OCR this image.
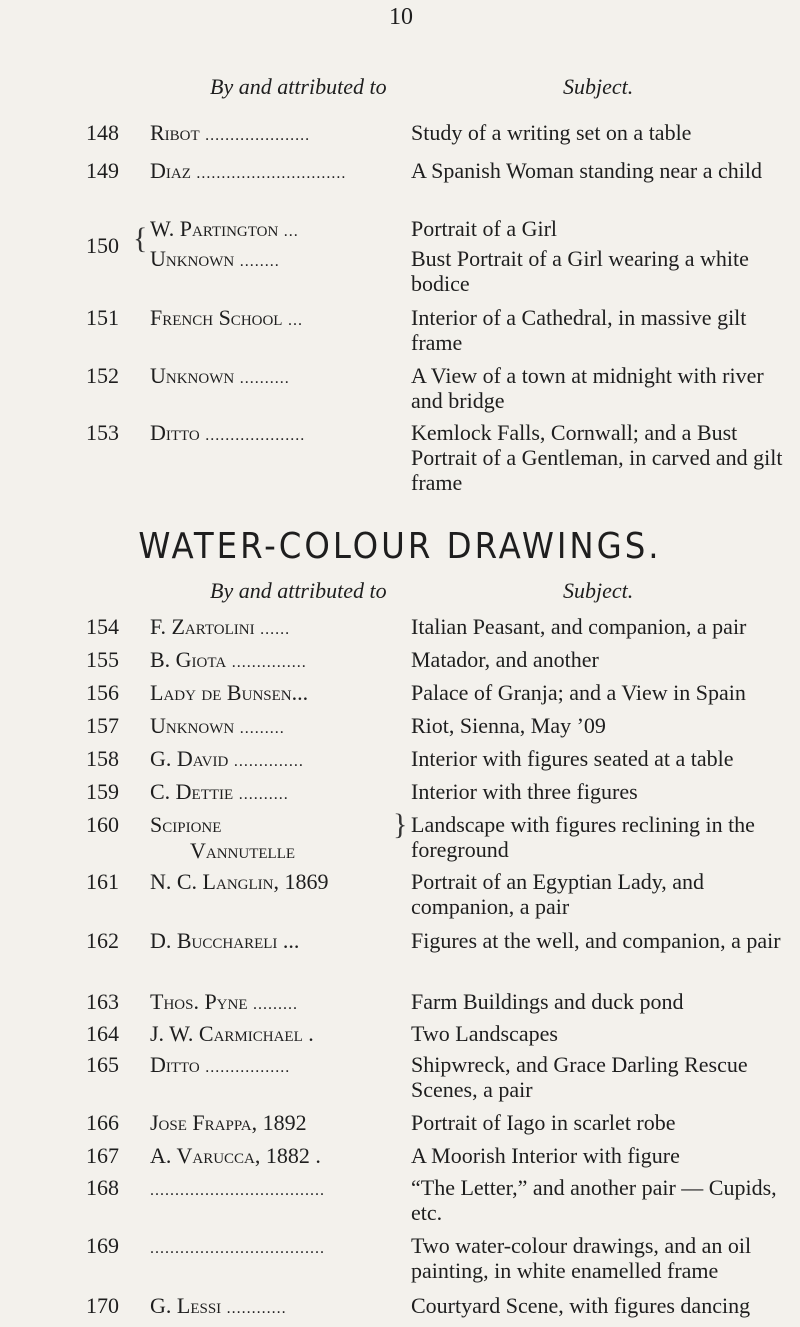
10
By and attributed to	Subject.
148	Ribot .....................	Study of a writing set on a table
149	Diaz ..............................	A Spanish Woman standing near a child
150 { W. Partington ...	Portrait of a Girl
Unknown ........	Bust Portrait of a Girl wearing a white bodice
151	French School ...	Interior of a Cathedral, in massive gilt frame
152	Unknown ..........	A View of a town at midnight with river and bridge
153	Ditto ....................	Kemlock Falls, Cornwall; and a Bust Portrait of a Gentleman, in carved and gilt frame
WATER-COLOUR DRAWINGS.
By and attributed to	Subject.
154	F. Zartolini ......	Italian Peasant, and companion, a pair
155	B. Giota ...............	Matador, and another
156	Lady de Bunsen...	Palace of Granja; and a View in Spain
157	Unknown .........	Riot, Sienna, May ’09
158	G. David ..............	Interior with figures seated at a table
159	C. Dettie ..........	Interior with three figures
160	Scipione
Vannutelle
} Landscape with figures reclining in the foreground
161	N. C. Langlin, 1869	Portrait of an Egyptian Lady, and companion, a pair
162	D. Bucchareli ...	Figures at the well, and companion, a pair
163	Thos. Pyne .........	Farm Buildings and duck pond
164	J. W. Carmichael .	Two Landscapes
165	Ditto .................	Shipwreck, and Grace Darling Rescue Scenes, a pair
166	Jose Frappa, 1892	Portrait of Iago in scarlet robe
167	A. Varucca, 1882 .	A Moorish Interior with figure
168	...................................	“The Letter,” and another pair — Cupids, etc.
169	...................................	Two water-colour drawings, and an oil painting, in white enamelled frame
170	G. Lessi ............	Courtyard Scene, with figures dancing
